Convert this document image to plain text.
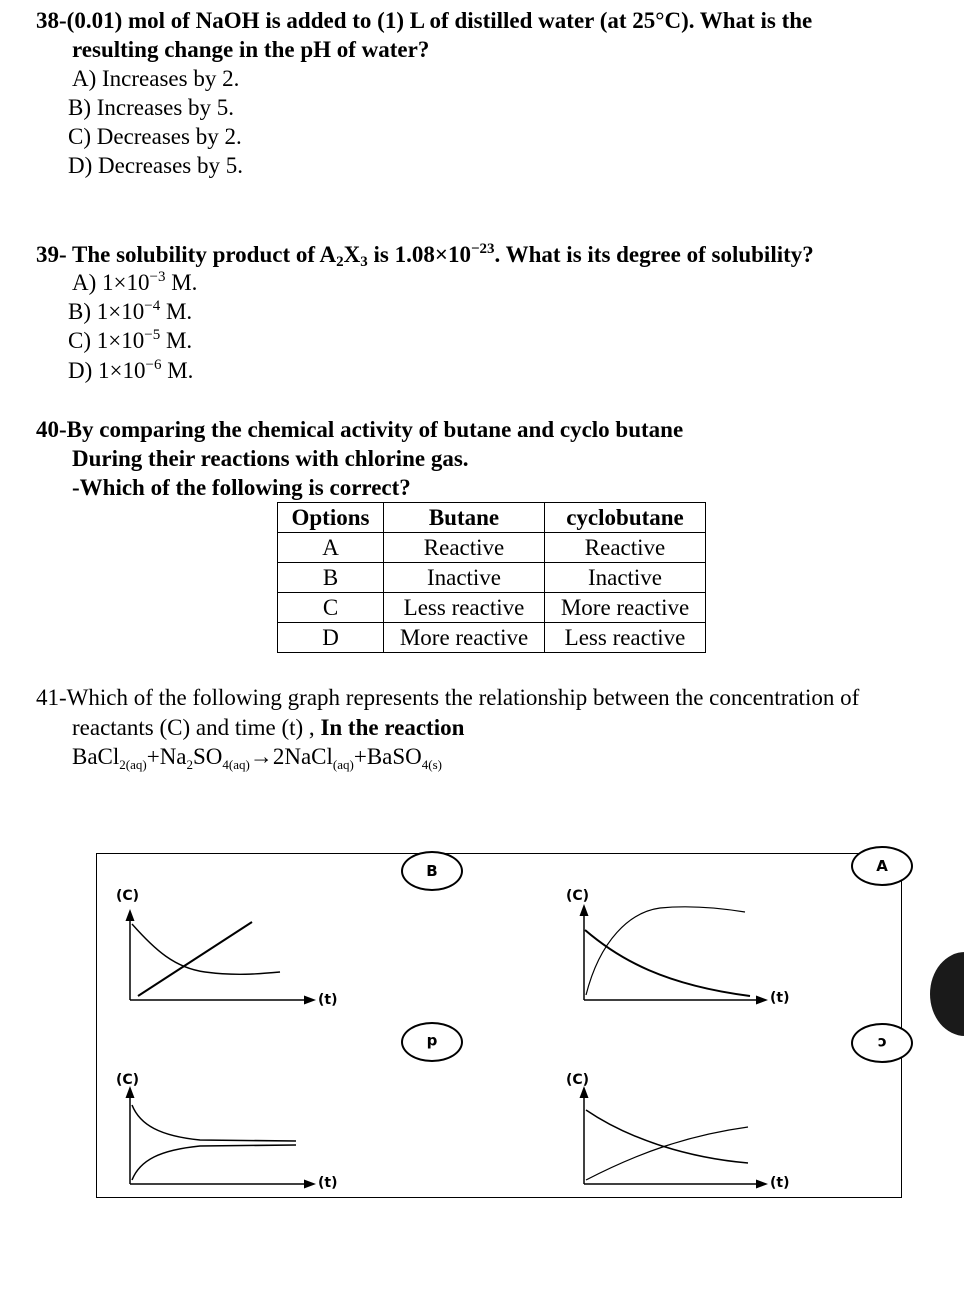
38-(0.01) mol of NaOH is added to (1) L of distilled water (at 25°C). What is the
resulting change in the pH of water?
A) Increases by 2.
B) Increases by 5.
C) Decreases by 2.
D) Decreases by 5.
39- The solubility product of $A_2X_3$ is $1.08\times 10^{-23}$. What is its degree of solubility?
A) $1\times 10^{-3}$ M.
B) $1\times 10^{-4}$ M.
C) $1\times 10^{-5}$ M.
D) $1\times 10^{-6}$ M.
40-By comparing the chemical activity of butane and cyclo butane
During their reactions with chlorine gas.
-Which of the following is correct?
Options	Butane	cyclobutane
A	Reactive	Reactive
B	Inactive	Inactive
C	Less reactive	More reactive
D	More reactive	Less reactive
41-Which of the following graph represents the relationship between the concentration of
reactants (C) and time (t) , In the reaction
$BaCl_{2(aq)}+Na_2SO_{4(aq)}\to 2NaCl_{(aq)}+BaSO_{4(s)}$
(C)
(t)
(C)
(t)
(C)
(t)
(C)
(t)
B	A
d	c
